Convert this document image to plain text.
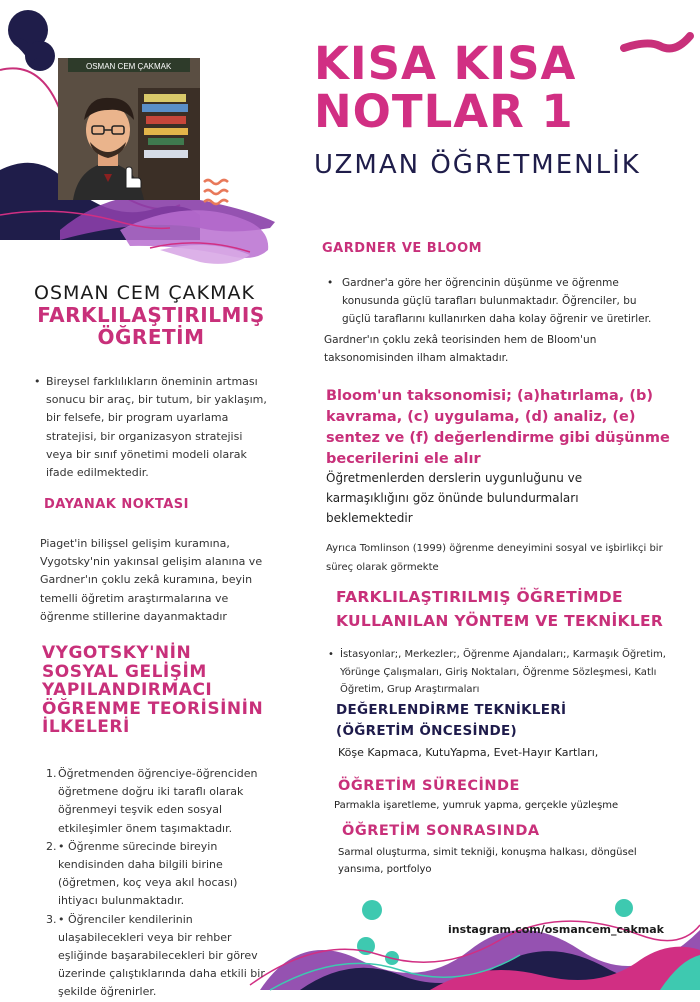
OSMAN CEM ÇAKMAK	KISA KISA
NOTLAR 1
UZMAN ÖĞRETMENLİK
OSMAN CEM ÇAKMAK
FARKLILAŞTIRILMIŞ
ÖĞRETİM
• Bireysel farklılıkların öneminin artması sonucu bir araç, bir tutum, bir yaklaşım, bir felsefe, bir program uyarlama stratejisi, bir organizasyon stratejisi veya bir sınıf yönetimi modeli olarak ifade edilmektedir.
DAYANAK NOKTASI
Piaget'in bilişsel gelişim kuramına, Vygotsky'nin yakınsal gelişim alanına ve Gardner'ın çoklu zekâ kuramına, beyin temelli öğretim araştırmalarına ve öğrenme stillerine dayanmaktadır
VYGOTSKY'NİN SOSYAL GELİŞİM YAPILANDIRMACI ÖĞRENME TEORİSİNİN İLKELERİ
1. Öğretmenden öğrenciye-öğrenciden öğretmene doğru iki taraflı olarak öğrenmeyi teşvik eden sosyal etkileşimler önem taşımaktadır.
2. • Öğrenme sürecinde bireyin kendisinden daha bilgili birine (öğretmen, koç veya akıl hocası) ihtiyacı bulunmaktadır.
3. • Öğrenciler kendilerinin ulaşabilecekleri veya bir rehber eşliğinde başarabilecekleri bir görev üzerinde çalıştıklarında daha etkili bir şekilde öğrenirler.
GARDNER VE BLOOM
• Gardner'a göre her öğrencinin düşünme ve öğrenme konusunda güçlü tarafları bulunmaktadır. Öğrenciler, bu güçlü taraflarını kullanırken daha kolay öğrenir ve üretirler.
Gardner'ın çoklu zekâ teorisinden hem de Bloom'un taksonomisinden ilham almaktadır.
Bloom'un taksonomisi; (a)hatırlama, (b) kavrama, (c) uygulama, (d) analiz, (e) sentez ve (f) değerlendirme gibi düşünme becerilerini ele alır
Öğretmenlerden derslerin uygunluğunu ve karmaşıklığını göz önünde bulundurmaları beklemektedir
Ayrıca Tomlinson (1999) öğrenme deneyimini sosyal ve işbirlikçi bir süreç olarak görmekte
FARKLILAŞTIRILMIŞ ÖĞRETİMDE
KULLANILAN YÖNTEM VE TEKNİKLER
• İstasyonlar;, Merkezler;, Öğrenme Ajandaları;, Karmaşık Öğretim, Yörünge Çalışmaları, Giriş Noktaları, Öğrenme Sözleşmesi, Katlı Öğretim, Grup Araştırmaları
DEĞERLENDİRME TEKNİKLERİ
(ÖĞRETİM ÖNCESİNDE)
Köşe Kapmaca, KutuYapma, Evet-Hayır Kartları,
ÖĞRETİM SÜRECİNDE
Parmakla işaretleme, yumruk yapma, gerçekle yüzleşme
ÖĞRETİM SONRASINDA
Sarmal oluşturma, simit tekniği, konuşma halkası, döngüsel yansıma, portfolyo
instagram.com/osmancem_cakmak
